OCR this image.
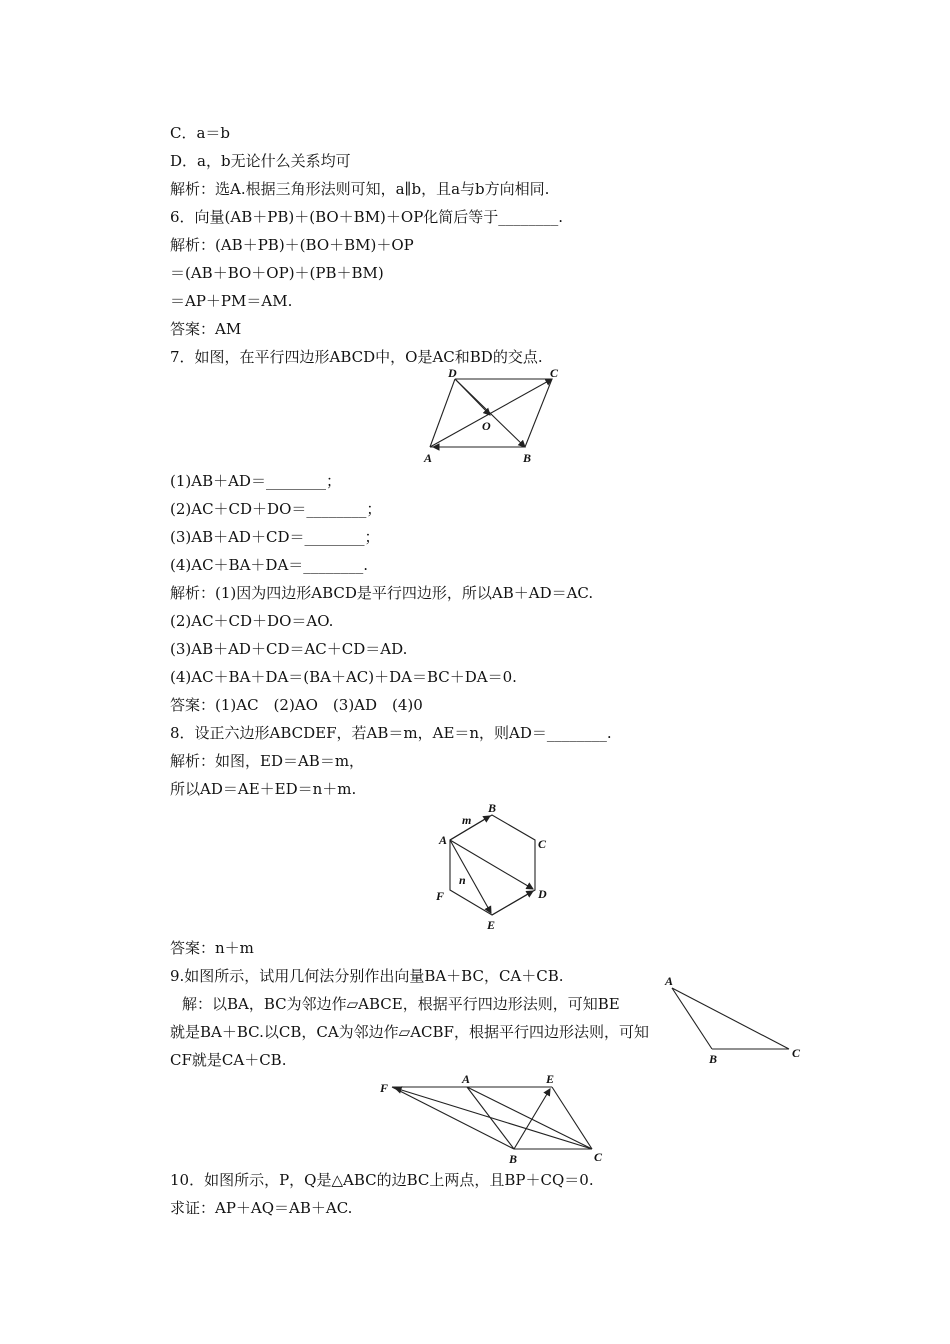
C．a＝b
D．a，b无论什么关系均可
解析：选A.根据三角形法则可知，a∥b，且a与b方向相同.
6．向量(AB＋PB)＋(BO＋BM)＋OP化简后等于________.
解析：(AB＋PB)＋(BO＋BM)＋OP
＝(AB＋BO＋OP)＋(PB＋BM)
＝AP＋PM＝AM.
答案：AM
7．如图，在平行四边形ABCD中，O是AC和BD的交点.
D	C
O
A	B
(1)AB＋AD＝________；
(2)AC＋CD＋DO＝________；
(3)AB＋AD＋CD＝________；
(4)AC＋BA＋DA＝________.
解析：(1)因为四边形ABCD是平行四边形，所以AB＋AD＝AC.
(2)AC＋CD＋DO＝AO.
(3)AB＋AD＋CD＝AC＋CD＝AD.
(4)AC＋BA＋DA＝(BA＋AC)＋DA＝BC＋DA＝0.
答案：(1)AC　(2)AO　(3)AD　(4)0
8．设正六边形ABCDEF，若AB＝m，AE＝n，则AD＝________.
解析：如图，ED＝AB＝m，
所以AD＝AE＋ED＝n＋m.
B
A	C
D
F
E
m
n
答案：n＋m
9.如图所示，试用几何法分别作出向量BA＋BC，CA＋CB.
解：以BA，BC为邻边作▱ABCE，根据平行四边形法则，可知BE
就是BA＋BC.以CB，CA为邻边作▱ACBF，根据平行四边形法则，可知
CF就是CA＋CB.
A
B	C
F
A	E
B	C
10．如图所示，P，Q是△ABC的边BC上两点，且BP＋CQ＝0.
求证：AP＋AQ＝AB＋AC.
